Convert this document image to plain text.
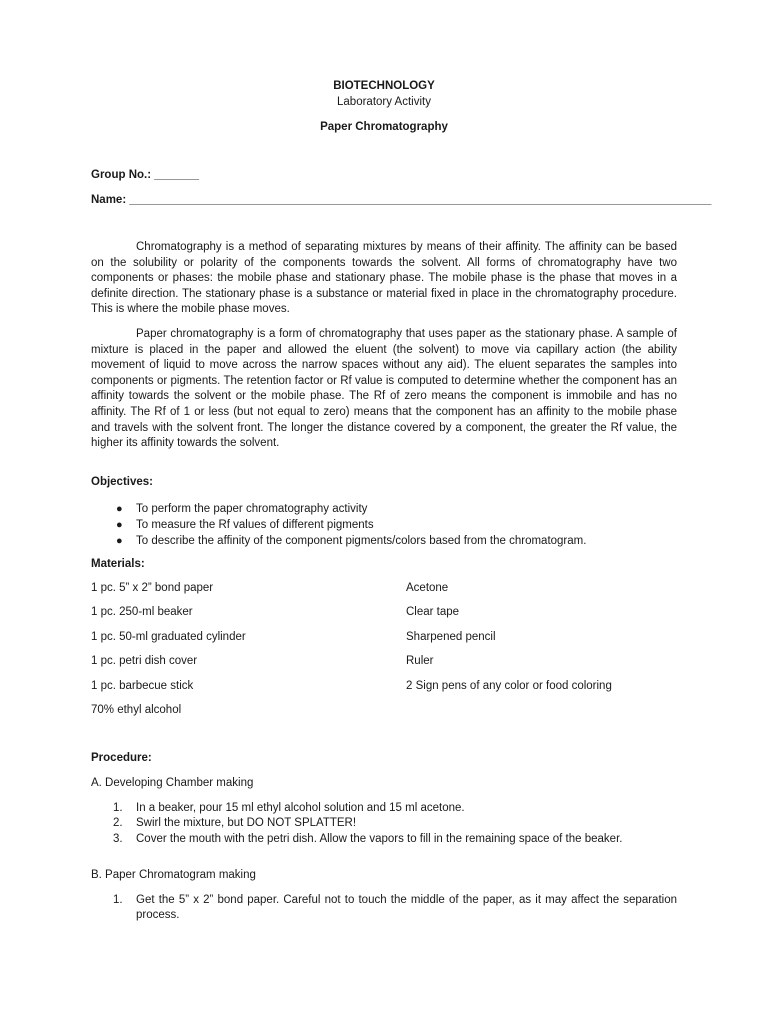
BIOTECHNOLOGY
Laboratory Activity
Paper Chromatography
Group No.: _______
Name: ___________________________________________________________________________________________

Chromatography is a method of separating mixtures by means of their affinity. The affinity can be based on the solubility or polarity of the components towards the solvent. All forms of chromatography have two components or phases: the mobile phase and stationary phase. The mobile phase is the phase that moves in a definite direction. The stationary phase is a substance or material fixed in place in the chromatography procedure. This is where the mobile phase moves.

Paper chromatography is a form of chromatography that uses paper as the stationary phase. A sample of mixture is placed in the paper and allowed the eluent (the solvent) to move via capillary action (the ability movement of liquid to move across the narrow spaces without any aid). The eluent separates the samples into components or pigments. The retention factor or Rf value is computed to determine whether the component has an affinity towards the solvent or the mobile phase. The Rf of zero means the component is immobile and has no affinity. The Rf of 1 or less (but not equal to zero) means that the component has an affinity to the mobile phase and travels with the solvent front. The longer the distance covered by a component, the greater the Rf value, the higher its affinity towards the solvent.

Objectives:
● To perform the paper chromatography activity
● To measure the Rf values of different pigments
● To describe the affinity of the component pigments/colors based from the chromatogram.
Materials:
1 pc. 5” x 2” bond paper
1 pc. 250-ml beaker
1 pc. 50-ml graduated cylinder
1 pc. petri dish cover
1 pc. barbecue stick
70% ethyl alcohol
Acetone
Clear tape
Sharpened pencil
Ruler
2 Sign pens of any color or food coloring
Procedure:
A. Developing Chamber making
1. In a beaker, pour 15 ml ethyl alcohol solution and 15 ml acetone.
2. Swirl the mixture, but DO NOT SPLATTER!
3. Cover the mouth with the petri dish. Allow the vapors to fill in the remaining space of the beaker.
B. Paper Chromatogram making
1. Get the 5” x 2” bond paper. Careful not to touch the middle of the paper, as it may affect the separation process.
